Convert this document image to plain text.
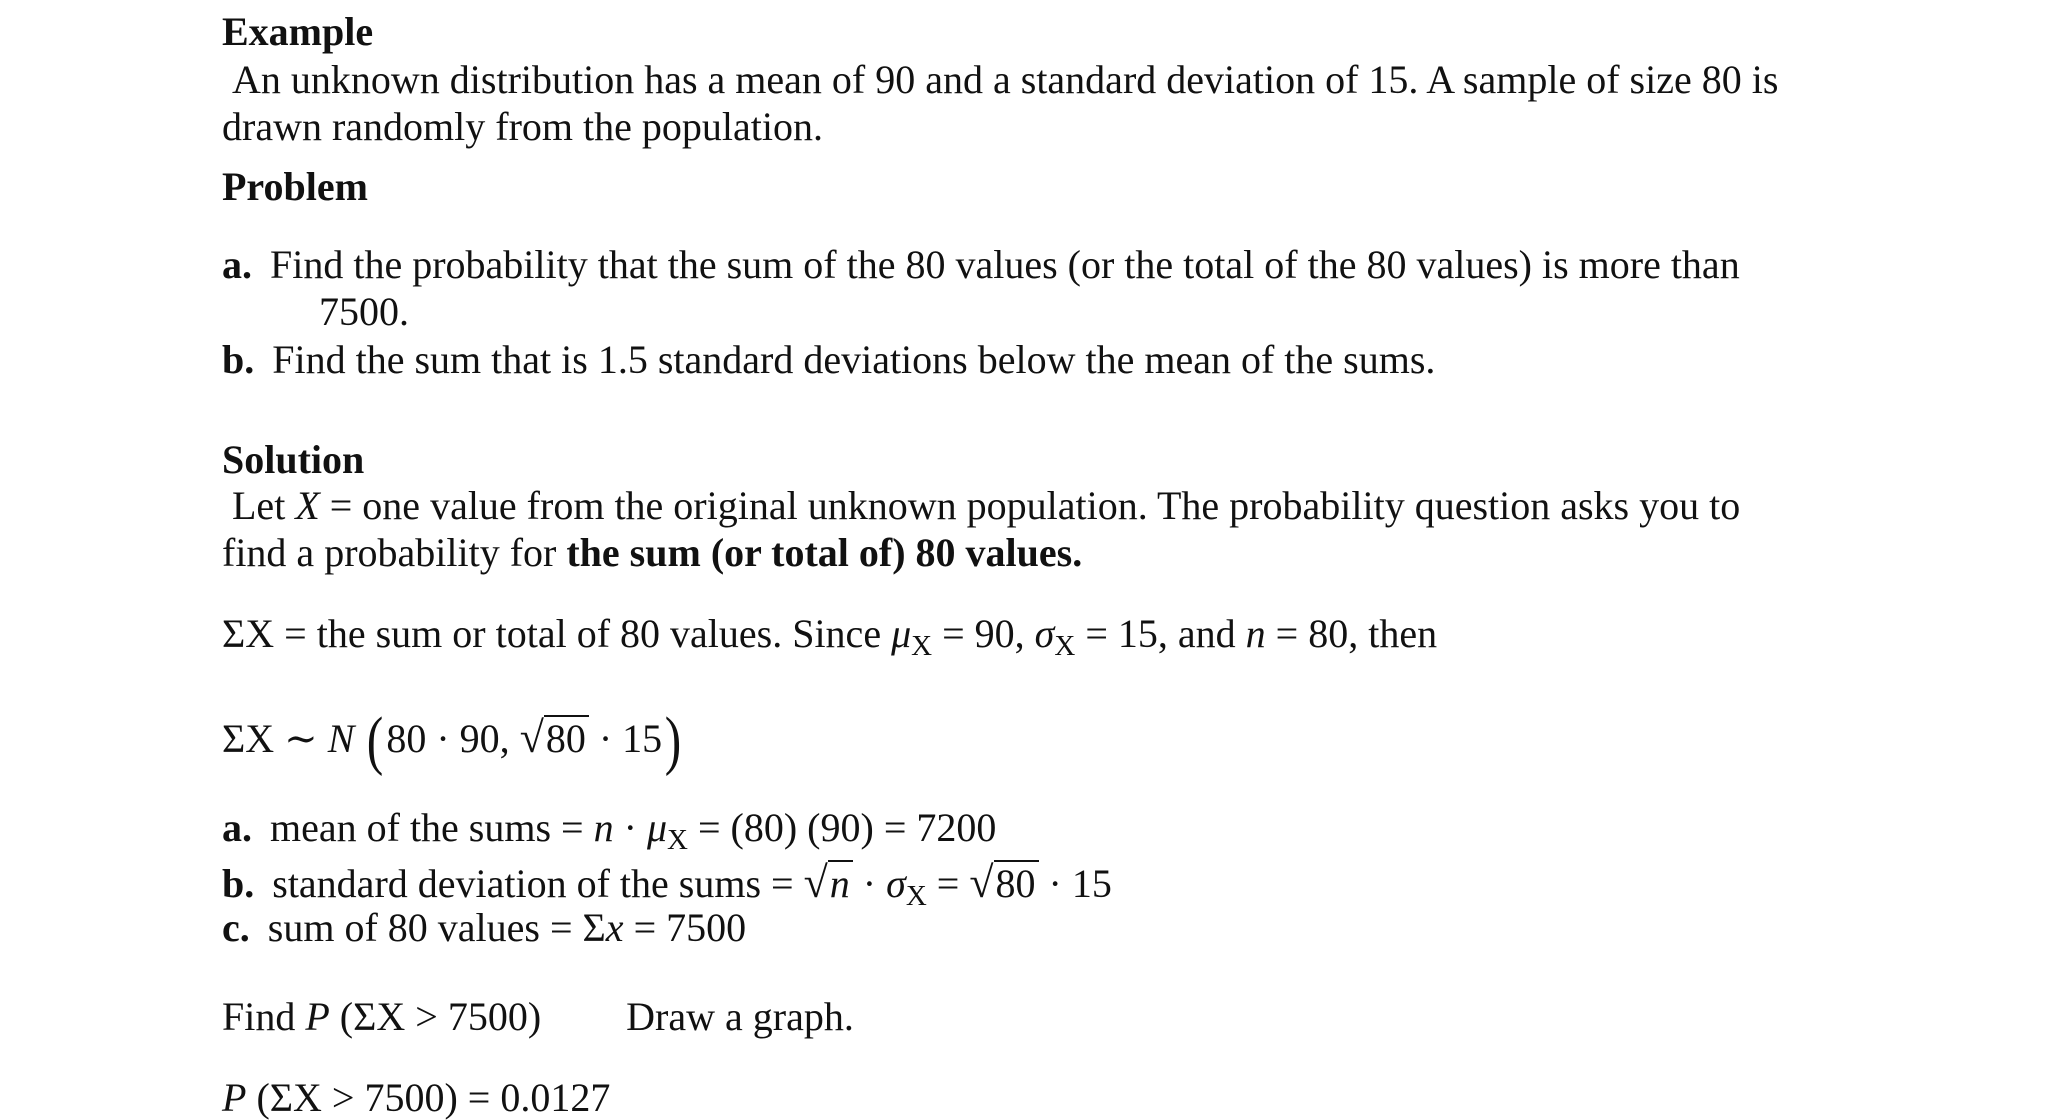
Example
An unknown distribution has a mean of 90 and a standard deviation of 15. A sample of size 80 is
drawn randomly from the population.
Problem
a. Find the probability that the sum of the 80 values (or the total of the 80 values) is more than
7500.
b. Find the sum that is 1.5 standard deviations below the mean of the sums.
Solution
Let X = one value from the original unknown population. The probability question asks you to
find a probability for the sum (or total of) 80 values.
ΣX = the sum or total of 80 values. Since $\mu_X = 90$, $\sigma_X = 15$, and n = 80, then
ΣX ∼ N (80 · 90, √80 · 15)
a. mean of the sums = $n \cdot \mu_X = (80) (90) = 7200$
b. standard deviation of the sums = $√n \cdot \sigma_X = √80 \cdot 15$
c. sum of 80 values = Σx = 7500
Find P (ΣX > 7500) Draw a graph.
P (ΣX > 7500) = 0.0127
